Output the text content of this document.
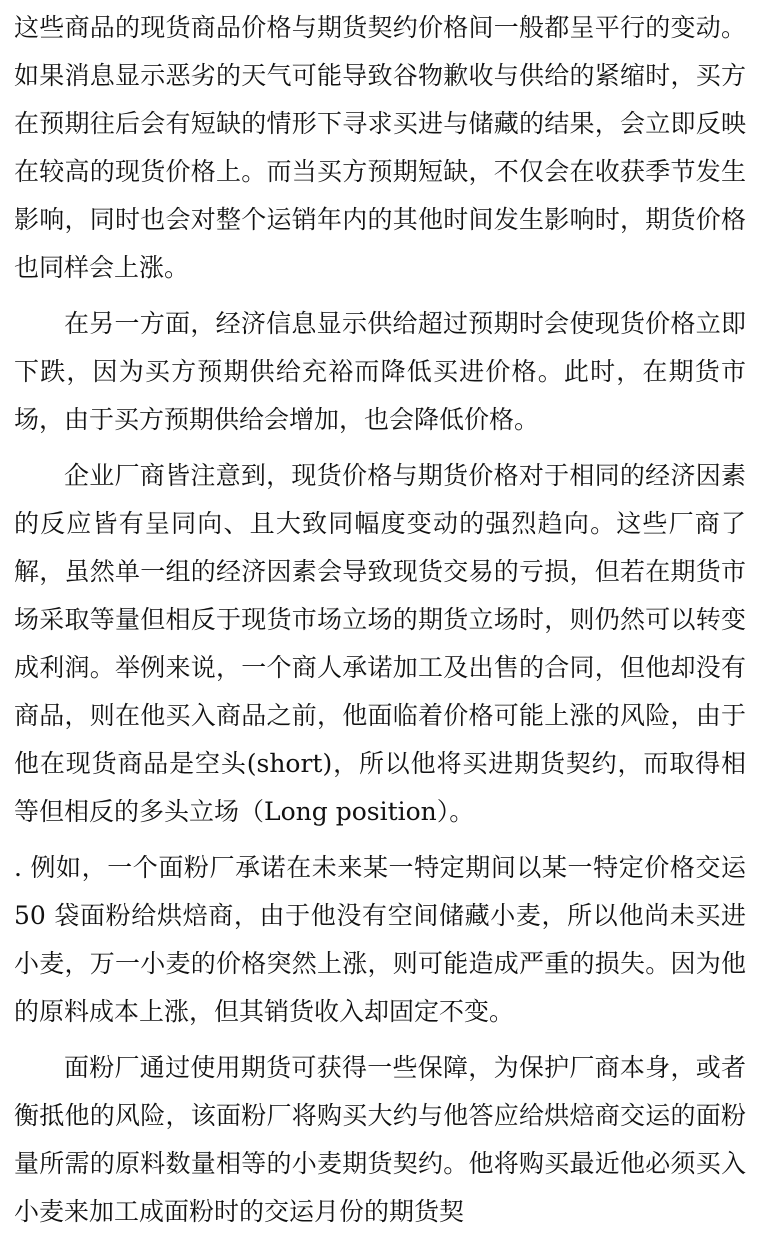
这些商品的现货商品价格与期货契约价格间一般都呈平行的变动。如果消息显示恶劣的天气可能导致谷物歉收与供给的紧缩时，买方在预期往后会有短缺的情形下寻求买进与储藏的结果，会立即反映在较高的现货价格上。而当买方预期短缺，不仅会在收获季节发生影响，同时也会对整个运销年内的其他时间发生影响时，期货价格也同样会上涨。

在另一方面，经济信息显示供给超过预期时会使现货价格立即下跌，因为买方预期供给充裕而降低买进价格。此时，在期货市场，由于买方预期供给会增加，也会降低价格。

企业厂商皆注意到，现货价格与期货价格对于相同的经济因素的反应皆有呈同向、且大致同幅度变动的强烈趋向。这些厂商了解，虽然单一组的经济因素会导致现货交易的亏损，但若在期货市场采取等量但相反于现货市场立场的期货立场时，则仍然可以转变成利润。举例来说，一个商人承诺加工及出售的合同，但他却没有商品，则在他买入商品之前，他面临着价格可能上涨的风险，由于他在现货商品是空头(short)，所以他将买进期货契约，而取得相等但相反的多头立场（Long position）。

. 例如，一个面粉厂承诺在未来某一特定期间以某一特定价格交运 50 袋面粉给烘焙商，由于他没有空间储藏小麦，所以他尚未买进小麦，万一小麦的价格突然上涨，则可能造成严重的损失。因为他的原料成本上涨，但其销货收入却固定不变。

面粉厂通过使用期货可获得一些保障，为保护厂商本身，或者衡抵他的风险，该面粉厂将购买大约与他答应给烘焙商交运的面粉量所需的原料数量相等的小麦期货契约。他将购买最近他必须买入小麦来加工成面粉时的交运月份的期货契
